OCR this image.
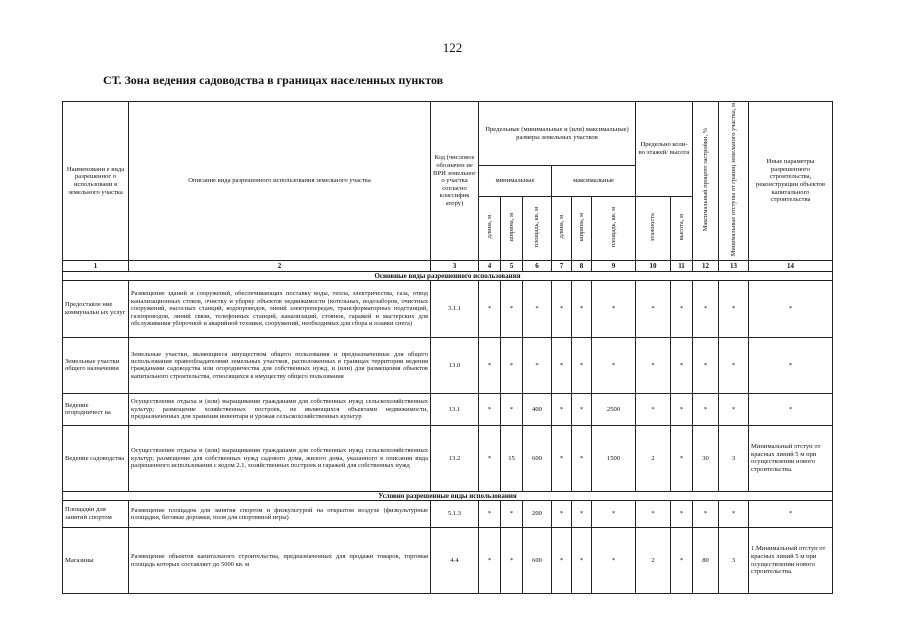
122
СТ. Зона ведения садоводства в границах населенных пунктов
Наименовани е вида разрешенног о использовани я земельного участка	Описание вида разрешенного использования земельного участка	Код (числовое обозначен ие ВРИ земельног о участка согласно классифик атору)	Предельные (минимальные и (или) максимальные) размеры земельных участков						Предельно коли-во этажей/ высота		Максимальный процент застройки, %	Минимальные отступы от границ земельного участка, м	Иные параметры разрешенного строительства, реконструкции объектов капитального строительства
			минимальные			максимальные							
			длина, м	ширина, м	площадь, кв. м	длина, м	ширина, м	площадь, кв. м	этажность	высота, м			
1	2	3	4	5	6	7	8	9	10	11	12	13	14
Основные виды разрешенного использования													
Предоставле ние коммунальн ых услуг	Размещение зданий и сооружений, обеспечивающих поставку воды, тепла, электричества, газа, отвод канализационных стоков, очистку и уборку объектов недвижимости (котельных, водозаборов, очистных сооружений, насосных станций, водопроводов, линий электропередач, трансформаторных подстанций, газопроводов, линий связи, телефонных станций, канализаций, стоянок, гаражей и мастерских для обслуживания уборочной и аварийной техники, сооружений, необходимых для сбора и плавки снега)	3.1.1	*	*	*	*	*	*	*	*	*	*	*
Земельные участки общего назначения	Земельные участки, являющиеся имуществом общего пользования и предназначенные для общего использования правообладателями земельных участков, расположенных в границах территории ведения гражданами садоводства или огородничества для собственных нужд, и (или) для размещения объектов капитального строительства, относящихся к имуществу общего пользования	13.0	*	*	*	*	*	*	*	*	*	*	*
Ведение огородничест ва	Осуществление отдыха и (или) выращивания гражданами для собственных нужд сельскохозяйственных культур; размещение хозяйственных построек, не являющихся объектами недвижимости, предназначенных для хранения инвентаря и урожая сельскохозяйственных культур	13.1	*	*	400	*	*	2500	*	*	*	*	*
Ведение садоводства	Осуществление отдыха и (или) выращивания гражданами для собственных нужд сельскохозяйственных культур; размещение для собственных нужд садового дома, жилого дома, указанного в описании вида разрешенного использования с кодом 2.1, хозяйственных построек и гаражей для собственных нужд	13.2	*	15	600	*	*	1500	2	*	30	3	Минимальный отступ от красных линий 5 м при осуществлении нового строительства.
Условно разрешенные виды использования													
Площадки для занятий спортом	Размещение площадок для занятия спортом и физкультурой на открытом воздухе (физкультурные площадки, беговые дорожки, поля для спортивной игры)	5.1.3	*	*	200	*	*	*	*	*	*	*	*
Магазины	Размещение объектов капитального строительства, предназначенных для продажи товаров, торговая площадь которых составляет до 5000 кв. м	4.4	*	*	600	*	*	*	2	*	80	3	1.Минимальный отступ от красных линий 5 м при осуществлении нового строительства.
